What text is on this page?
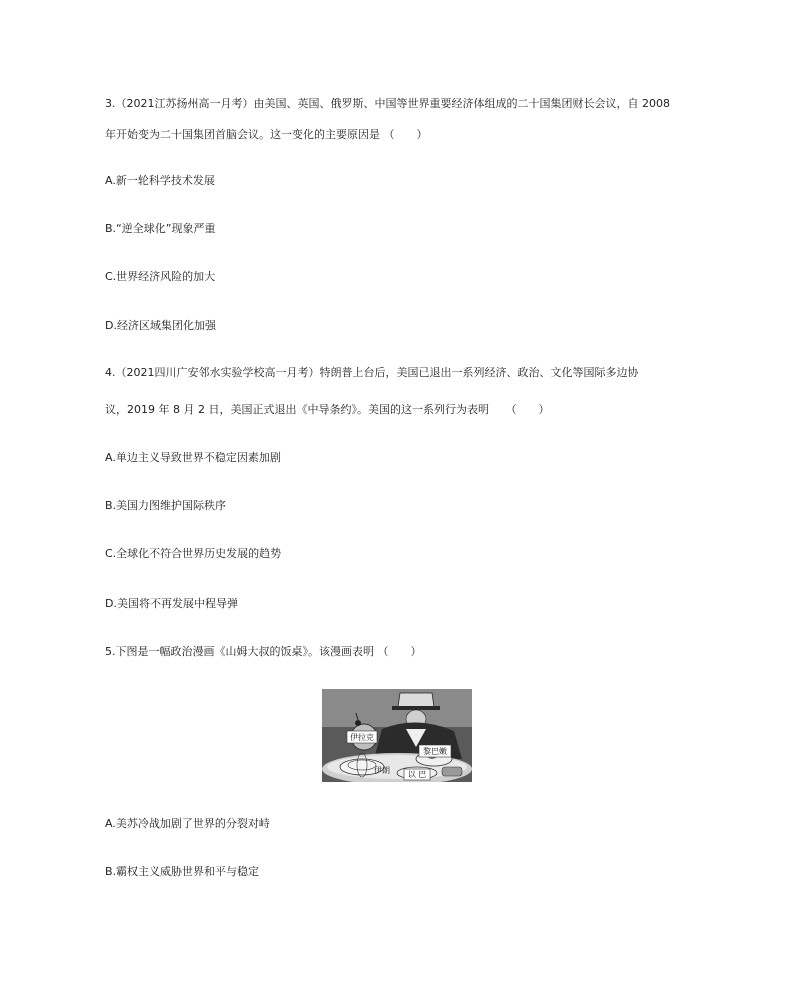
3.（2021江苏扬州高一月考）由美国、英国、俄罗斯、中国等世界重要经济体组成的二十国集团财长会议，自 2008
年开始变为二十国集团首脑会议。这一变化的主要原因是 （　　）
A.新一轮科学技术发展
B.“逆全球化”现象严重
C.世界经济风险的加大
D.经济区域集团化加强
4.（2021四川广安邻水实验学校高一月考）特朗普上台后，美国已退出一系列经济、政治、文化等国际多边协
议，2019 年 8 月 2 日，美国正式退出《中导条约》。美国的这一系列行为表明　　（　　）
A.单边主义导致世界不稳定因素加剧
B.美国力图维护国际秩序
C.全球化不符合世界历史发展的趋势
D.美国将不再发展中程导弹
5.下图是一幅政治漫画《山姆大叔的饭桌》。该漫画表明 （　　）
伊拉克
黎巴嫩
伊朗 以 巴
A.美苏冷战加剧了世界的分裂对峙
B.霸权主义威胁世界和平与稳定
